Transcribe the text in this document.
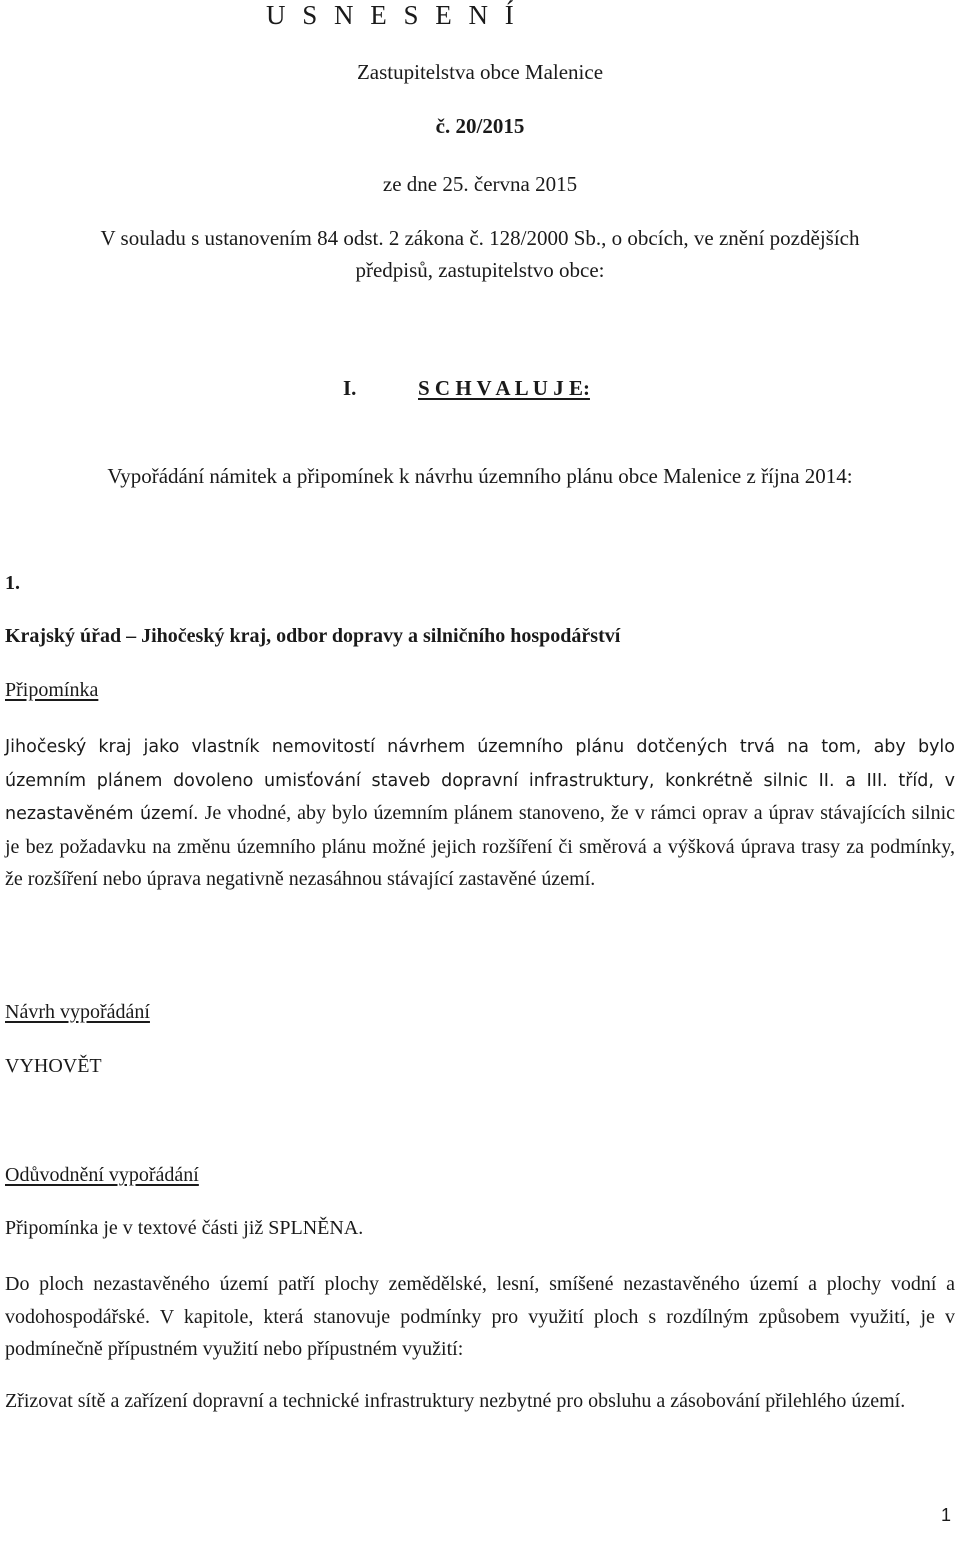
U S N E S E N Í
Zastupitelstva obce Malenice
č. 20/2015
ze dne 25. června 2015
V souladu s ustanovením 84 odst. 2 zákona č. 128/2000 Sb., o obcích, ve znění pozdějších
předpisů, zastupitelstvo obce:
I.	S C H V A L U J E:
Vypořádání námitek a připomínek k návrhu územního plánu obce Malenice z října 2014:
1.
Krajský úřad – Jihočeský kraj, odbor dopravy a silničního hospodářství
Připomínka
Jihočeský kraj jako vlastník nemovitostí návrhem územního plánu dotčených trvá na tom, aby bylo územním plánem dovoleno umisťování staveb dopravní infrastruktury, konkrétně silnic II. a III. tříd, v nezastavěném území. Je vhodné, aby bylo územním plánem stanoveno, že v rámci oprav a úprav stávajících silnic je bez požadavku na změnu územního plánu možné jejich rozšíření či směrová a výšková úprava trasy za podmínky, že rozšíření nebo úprava negativně nezasáhnou stávající zastavěné území.
Návrh vypořádání
VYHOVĚT
Odůvodnění vypořádání
Připomínka je v textové části již SPLNĚNA.
Do ploch nezastavěného území patří plochy zemědělské, lesní, smíšené nezastavěného území a plochy vodní a vodohospodářské. V kapitole, která stanovuje podmínky pro využití ploch s rozdílným způsobem využití, je v podmínečně přípustném využití nebo přípustném využití:
Zřizovat sítě a zařízení dopravní a technické infrastruktury nezbytné pro obsluhu a zásobování přilehlého území.
1
